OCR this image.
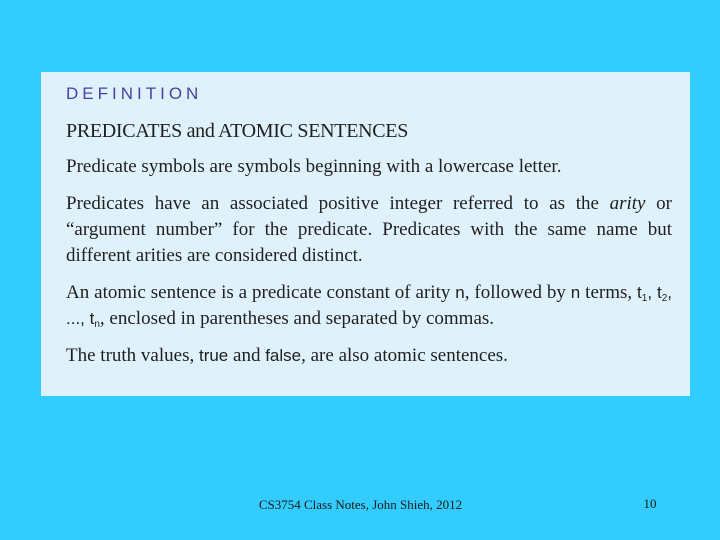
DEFINITION
PREDICATES and ATOMIC SENTENCES

Predicate symbols are symbols beginning with a lowercase letter.

Predicates have an associated positive integer referred to as the arity or “argument number” for the predicate. Predicates with the same name but different arities are considered distinct.

An atomic sentence is a predicate constant of arity n, followed by n terms, $t_1$, $t_2$, ..., $t_n$, enclosed in parentheses and separated by commas.

The truth values, true and false, are also atomic sentences.

CS3754 Class Notes, John Shieh, 2012	10
